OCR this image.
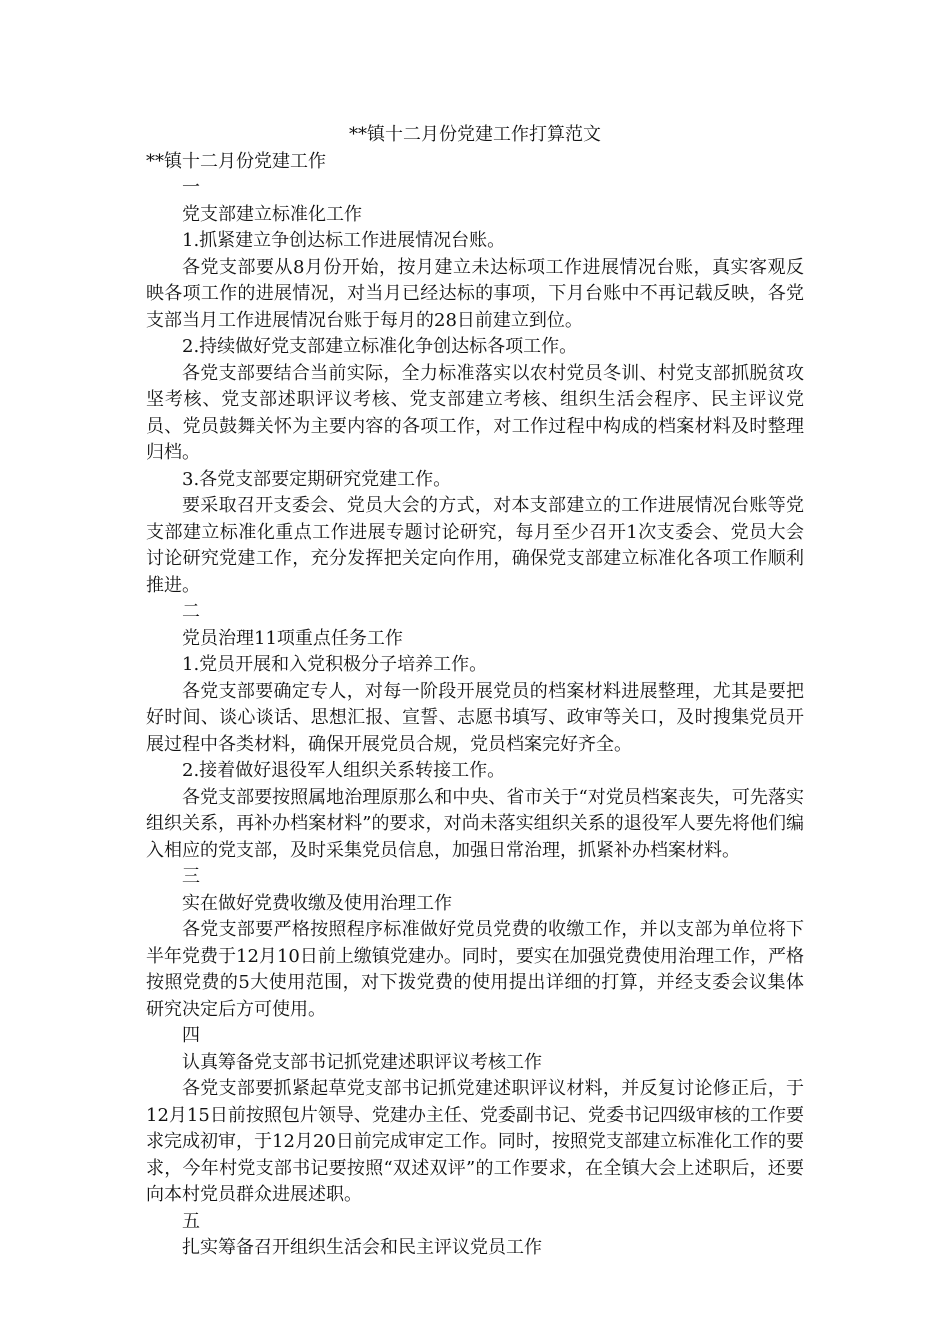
**镇十二月份党建工作打算范文

**镇十二月份党建工作

一

党支部建立标准化工作

1.抓紧建立争创达标工作进展情况台账。

各党支部要从8月份开始，按月建立未达标项工作进展情况台账，真实客观反映各项工作的进展情况，对当月已经达标的事项，下月台账中不再记载反映，各党支部当月工作进展情况台账于每月的28日前建立到位。

2.持续做好党支部建立标准化争创达标各项工作。

各党支部要结合当前实际，全力标准落实以农村党员冬训、村党支部抓脱贫攻坚考核、党支部述职评议考核、党支部建立考核、组织生活会程序、民主评议党员、党员鼓舞关怀为主要内容的各项工作，对工作过程中构成的档案材料及时整理归档。

3.各党支部要定期研究党建工作。

要采取召开支委会、党员大会的方式，对本支部建立的工作进展情况台账等党支部建立标准化重点工作进展专题讨论研究，每月至少召开1次支委会、党员大会讨论研究党建工作，充分发挥把关定向作用，确保党支部建立标准化各项工作顺利推进。

二

党员治理11项重点任务工作

1.党员开展和入党积极分子培养工作。

各党支部要确定专人，对每一阶段开展党员的档案材料进展整理，尤其是要把好时间、谈心谈话、思想汇报、宣誓、志愿书填写、政审等关口，及时搜集党员开展过程中各类材料，确保开展党员合规，党员档案完好齐全。

2.接着做好退役军人组织关系转接工作。

各党支部要按照属地治理原那么和中央、省市关于“对党员档案丧失，可先落实组织关系，再补办档案材料”的要求，对尚未落实组织关系的退役军人要先将他们编入相应的党支部，及时采集党员信息，加强日常治理，抓紧补办档案材料。

三

实在做好党费收缴及使用治理工作

各党支部要严格按照程序标准做好党员党费的收缴工作，并以支部为单位将下半年党费于12月10日前上缴镇党建办。同时，要实在加强党费使用治理工作，严格按照党费的5大使用范围，对下拨党费的使用提出详细的打算，并经支委会议集体研究决定后方可使用。

四

认真筹备党支部书记抓党建述职评议考核工作

各党支部要抓紧起草党支部书记抓党建述职评议材料，并反复讨论修正后，于12月15日前按照包片领导、党建办主任、党委副书记、党委书记四级审核的工作要求完成初审，于12月20日前完成审定工作。同时，按照党支部建立标准化工作的要求，今年村党支部书记要按照“双述双评”的工作要求，在全镇大会上述职后，还要向本村党员群众进展述职。

五

扎实筹备召开组织生活会和民主评议党员工作
